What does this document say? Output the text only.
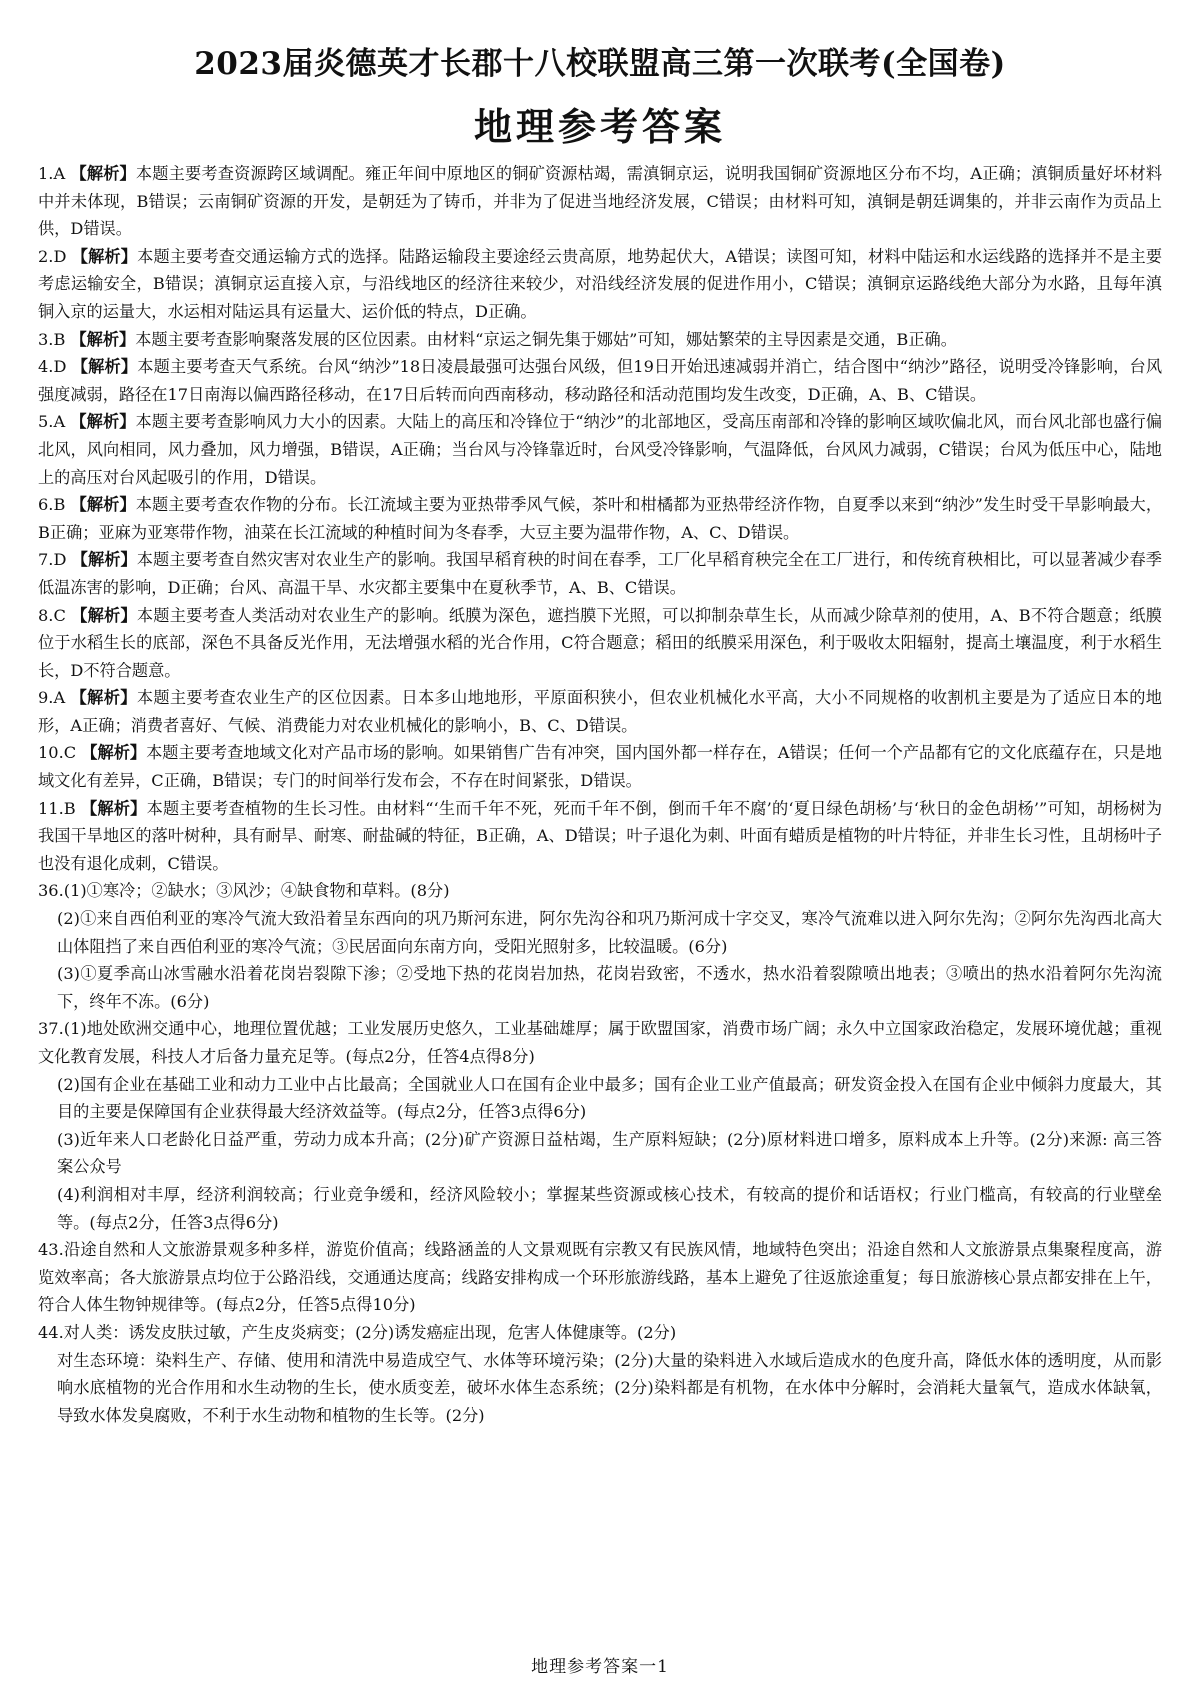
2023届炎德英才长郡十八校联盟高三第一次联考(全国卷)
地理参考答案
1.A 【解析】本题主要考查资源跨区域调配。雍正年间中原地区的铜矿资源枯竭，需滇铜京运，说明我国铜矿资源地区分布不均，A正确；滇铜质量好坏材料中并未体现，B错误；云南铜矿资源的开发，是朝廷为了铸币，并非为了促进当地经济发展，C错误；由材料可知，滇铜是朝廷调集的，并非云南作为贡品上供，D错误。
2.D 【解析】本题主要考查交通运输方式的选择。陆路运输段主要途经云贵高原，地势起伏大，A错误；读图可知，材料中陆运和水运线路的选择并不是主要考虑运输安全，B错误；滇铜京运直接入京，与沿线地区的经济往来较少，对沿线经济发展的促进作用小，C错误；滇铜京运路线绝大部分为水路，且每年滇铜入京的运量大，水运相对陆运具有运量大、运价低的特点，D正确。
3.B 【解析】本题主要考查影响聚落发展的区位因素。由材料“京运之铜先集于娜姑”可知，娜姑繁荣的主导因素是交通，B正确。
4.D 【解析】本题主要考查天气系统。台风“纳沙”18日凌晨最强可达强台风级，但19日开始迅速减弱并消亡，结合图中“纳沙”路径，说明受冷锋影响，台风强度减弱，路径在17日南海以偏西路径移动，在17日后转而向西南移动，移动路径和活动范围均发生改变，D正确，A、B、C错误。
5.A 【解析】本题主要考查影响风力大小的因素。大陆上的高压和冷锋位于“纳沙”的北部地区，受高压南部和冷锋的影响区域吹偏北风，而台风北部也盛行偏北风，风向相同，风力叠加，风力增强，B错误，A正确；当台风与冷锋靠近时，台风受冷锋影响，气温降低，台风风力减弱，C错误；台风为低压中心，陆地上的高压对台风起吸引的作用，D错误。
6.B 【解析】本题主要考查农作物的分布。长江流域主要为亚热带季风气候，茶叶和柑橘都为亚热带经济作物，自夏季以来到“纳沙”发生时受干旱影响最大，B正确；亚麻为亚寒带作物，油菜在长江流域的种植时间为冬春季，大豆主要为温带作物，A、C、D错误。
7.D 【解析】本题主要考查自然灾害对农业生产的影响。我国早稻育秧的时间在春季，工厂化早稻育秧完全在工厂进行，和传统育秧相比，可以显著减少春季低温冻害的影响，D正确；台风、高温干旱、水灾都主要集中在夏秋季节，A、B、C错误。
8.C 【解析】本题主要考查人类活动对农业生产的影响。纸膜为深色，遮挡膜下光照，可以抑制杂草生长，从而减少除草剂的使用，A、B不符合题意；纸膜位于水稻生长的底部，深色不具备反光作用，无法增强水稻的光合作用，C符合题意；稻田的纸膜采用深色，利于吸收太阳辐射，提高土壤温度，利于水稻生长，D不符合题意。
9.A 【解析】本题主要考查农业生产的区位因素。日本多山地地形，平原面积狭小，但农业机械化水平高，大小不同规格的收割机主要是为了适应日本的地形，A正确；消费者喜好、气候、消费能力对农业机械化的影响小，B、C、D错误。
10.C 【解析】本题主要考查地域文化对产品市场的影响。如果销售广告有冲突，国内国外都一样存在，A错误；任何一个产品都有它的文化底蕴存在，只是地域文化有差异，C正确，B错误；专门的时间举行发布会，不存在时间紧张，D错误。
11.B 【解析】本题主要考查植物的生长习性。由材料“‘生而千年不死，死而千年不倒，倒而千年不腐’的‘夏日绿色胡杨’与‘秋日的金色胡杨’”可知，胡杨树为我国干旱地区的落叶树种，具有耐旱、耐寒、耐盐碱的特征，B正确，A、D错误；叶子退化为刺、叶面有蜡质是植物的叶片特征，并非生长习性，且胡杨叶子也没有退化成刺，C错误。
36.(1)①寒冷；②缺水；③风沙；④缺食物和草料。(8分)
(2)①来自西伯利亚的寒冷气流大致沿着呈东西向的巩乃斯河东进，阿尔先沟谷和巩乃斯河成十字交叉，寒冷气流难以进入阿尔先沟；②阿尔先沟西北高大山体阻挡了来自西伯利亚的寒冷气流；③民居面向东南方向，受阳光照射多，比较温暖。(6分)
(3)①夏季高山冰雪融水沿着花岗岩裂隙下渗；②受地下热的花岗岩加热，花岗岩致密，不透水，热水沿着裂隙喷出地表；③喷出的热水沿着阿尔先沟流下，终年不冻。(6分)
37.(1)地处欧洲交通中心，地理位置优越；工业发展历史悠久，工业基础雄厚；属于欧盟国家，消费市场广阔；永久中立国家政治稳定，发展环境优越；重视文化教育发展，科技人才后备力量充足等。(每点2分，任答4点得8分)
(2)国有企业在基础工业和动力工业中占比最高；全国就业人口在国有企业中最多；国有企业工业产值最高；研发资金投入在国有企业中倾斜力度最大，其目的主要是保障国有企业获得最大经济效益等。(每点2分，任答3点得6分)
(3)近年来人口老龄化日益严重，劳动力成本升高；(2分)矿产资源日益枯竭，生产原料短缺；(2分)原材料进口增多，原料成本上升等。(2分)来源: 高三答案公众号
(4)利润相对丰厚，经济利润较高；行业竞争缓和，经济风险较小；掌握某些资源或核心技术，有较高的提价和话语权；行业门槛高，有较高的行业壁垒等。(每点2分，任答3点得6分)
43.沿途自然和人文旅游景观多种多样，游览价值高；线路涵盖的人文景观既有宗教又有民族风情，地域特色突出；沿途自然和人文旅游景点集聚程度高，游览效率高；各大旅游景点均位于公路沿线，交通通达度高；线路安排构成一个环形旅游线路，基本上避免了往返旅途重复；每日旅游核心景点都安排在上午，符合人体生物钟规律等。(每点2分，任答5点得10分)
44.对人类：诱发皮肤过敏，产生皮炎病变；(2分)诱发癌症出现，危害人体健康等。(2分)
对生态环境：染料生产、存储、使用和清洗中易造成空气、水体等环境污染；(2分)大量的染料进入水域后造成水的色度升高，降低水体的透明度，从而影响水底植物的光合作用和水生动物的生长，使水质变差，破坏水体生态系统；(2分)染料都是有机物，在水体中分解时，会消耗大量氧气，造成水体缺氧，导致水体发臭腐败，不利于水生动物和植物的生长等。(2分)
地理参考答案一1
